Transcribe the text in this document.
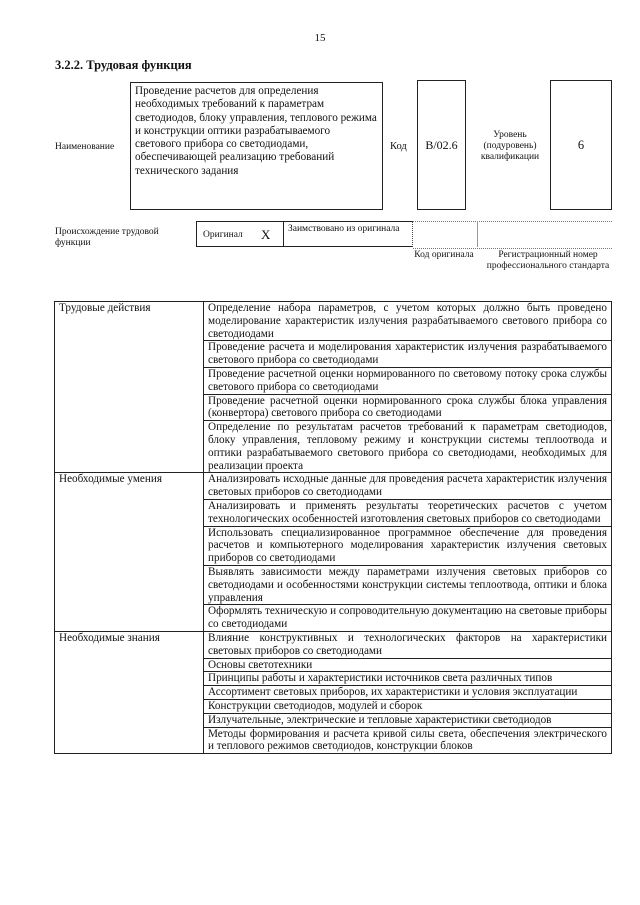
15
3.2.2. Трудовая функция
Наименование
Проведение расчетов для определения необходимых требований к параметрам светодиодов, блоку управления, теплового режима и конструкции оптики разрабатываемого светового прибора со светодиодами, обеспечивающей реализацию требований технического задания
Код	B/02.6
Уровень (подуровень) квалификации
6
Происхождение трудовой функции
Оригинал X Заимствовано из оригинала
Код оригинала	Регистрационный номер профессионального стандарта
Трудовые действия	Определение набора параметров, с учетом которых должно быть проведено моделирование характеристик излучения разрабатываемого светового прибора со светодиодами
	Проведение расчета и моделирования характеристик излучения разрабатываемого светового прибора со светодиодами
	Проведение расчетной оценки нормированного по световому потоку срока службы светового прибора со светодиодами
	Проведение расчетной оценки нормированного срока службы блока управления (конвертора) светового прибора со светодиодами
	Определение по результатам расчетов требований к параметрам светодиодов, блоку управления, тепловому режиму и конструкции системы теплоотвода и оптики разрабатываемого светового прибора со светодиодами, необходимых для реализации проекта
Необходимые умения	Анализировать исходные данные для проведения расчета характеристик излучения световых приборов со светодиодами
	Анализировать и применять результаты теоретических расчетов с учетом технологических особенностей изготовления световых приборов со светодиодами
	Использовать специализированное программное обеспечение для проведения расчетов и компьютерного моделирования характеристик излучения световых приборов со светодиодами
	Выявлять зависимости между параметрами излучения световых приборов со светодиодами и особенностями конструкции системы теплоотвода, оптики и блока управления
	Оформлять техническую и сопроводительную документацию на световые приборы со светодиодами
Необходимые знания	Влияние конструктивных и технологических факторов на характеристики световых приборов со светодиодами
	Основы светотехники
	Принципы работы и характеристики источников света различных типов
	Ассортимент световых приборов, их характеристики и условия эксплуатации
	Конструкции светодиодов, модулей и сборок
	Излучательные, электрические и тепловые характеристики светодиодов
	Методы формирования и расчета кривой силы света, обеспечения электрического и теплового режимов светодиодов, конструкции блоков
